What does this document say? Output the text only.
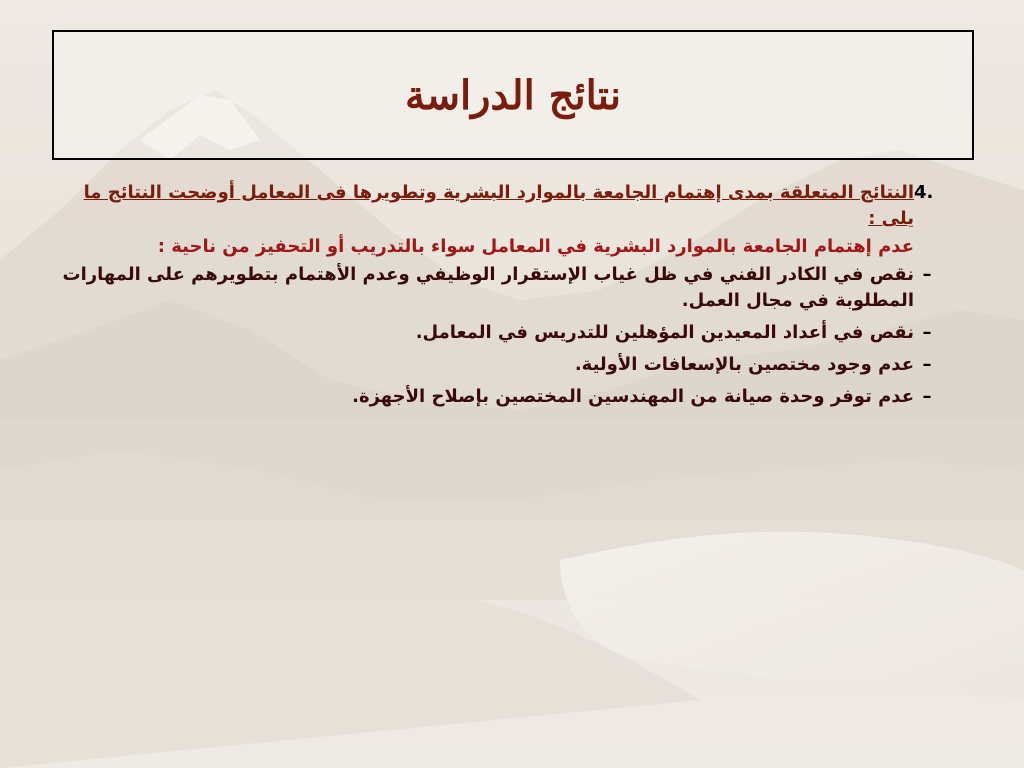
نتائج الدراسة
النتائج المتعلقة بمدى إهتمام الجامعة بالموارد البشرية وتطويرها فى المعامل أوضحت النتائج ما يلى :
4.
عدم إهتمام الجامعة بالموارد البشرية في المعامل سواء بالتدريب أو التحفيز من ناحية :
–
نقص في الكادر الفني في ظل غياب الإستقرار الوظيفي وعدم الأهتمام بتطويرهم على المهارات المطلوبة في مجال العمل.
–
نقص في أعداد المعيدين المؤهلين للتدريس في المعامل.
–
عدم وجود مختصين بالإسعافات الأولية.
–
عدم توفر وحدة صيانة من المهندسين المختصين بإصلاح الأجهزة.
